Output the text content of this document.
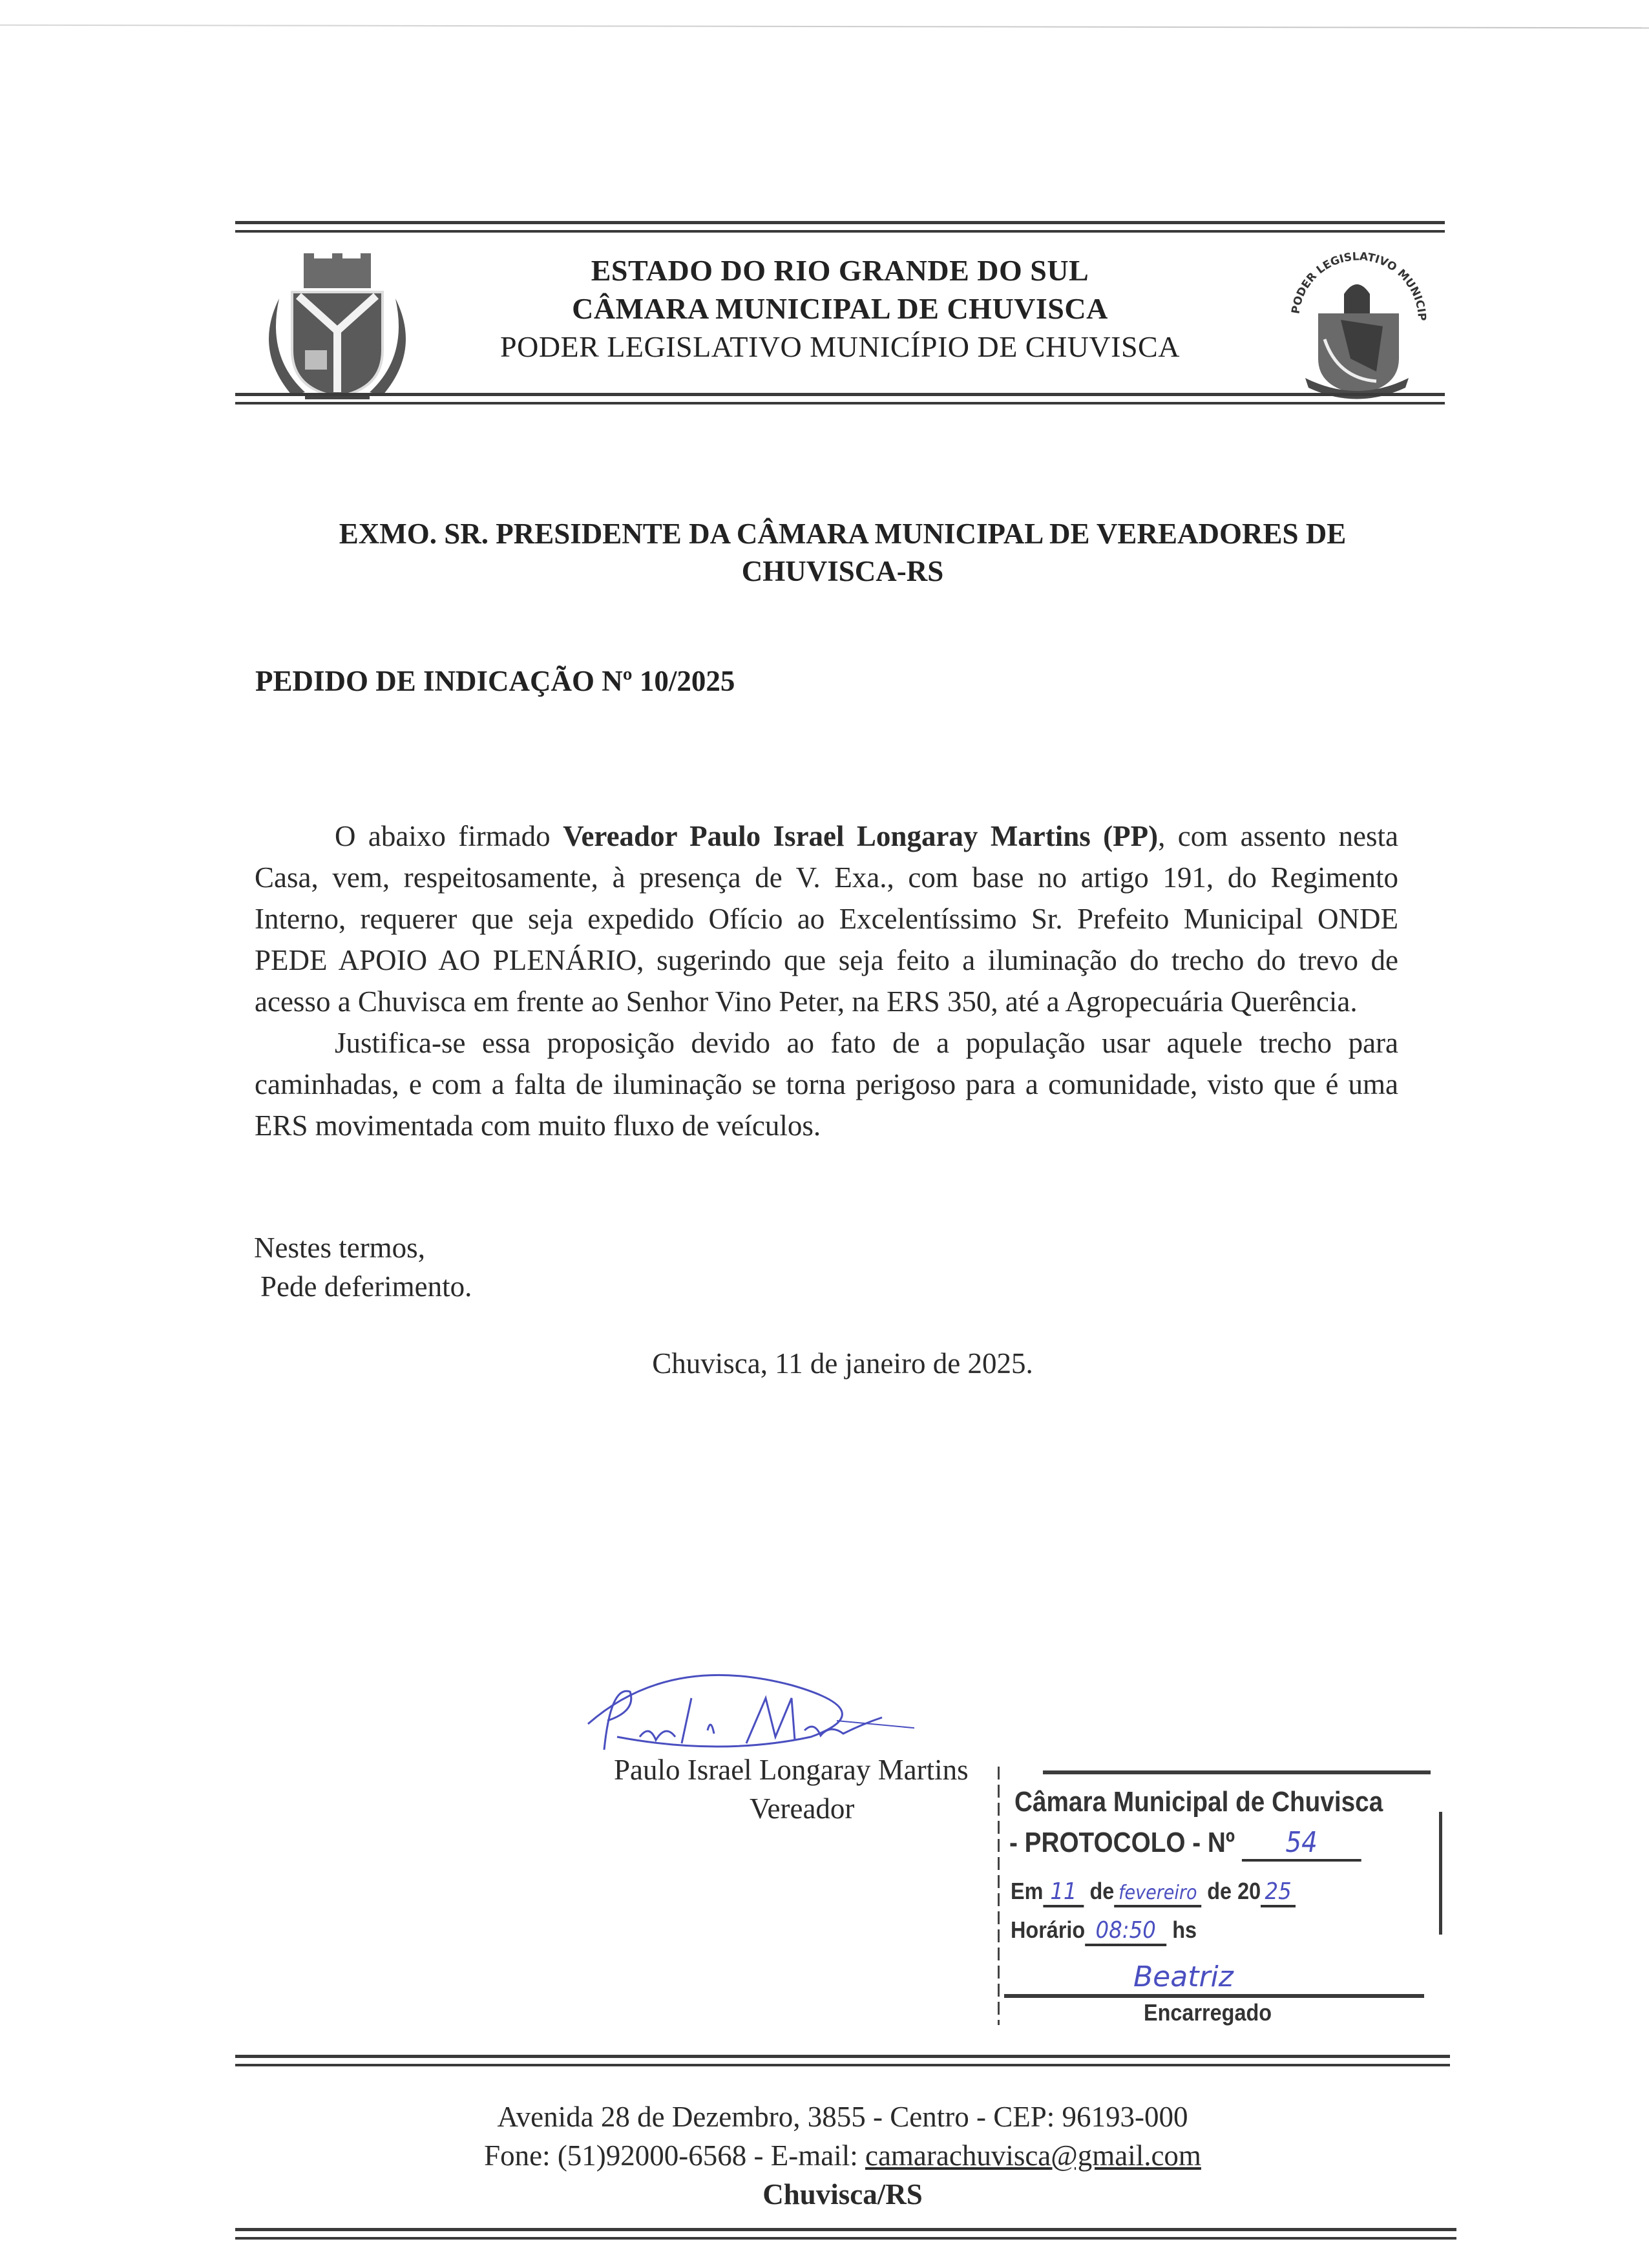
ESTADO DO RIO GRANDE DO SUL
CÂMARA MUNICIPAL DE CHUVISCA
PODER LEGISLATIVO MUNICÍPIO DE CHUVISCA
PODER LEGISLATIVO MUNICIP
EXMO. SR. PRESIDENTE DA CÂMARA MUNICIPAL DE VEREADORES DE
CHUVISCA-RS
PEDIDO DE INDICAÇÃO Nº 10/2025

O abaixo firmado Vereador Paulo Israel Longaray Martins (PP), com assento nesta Casa, vem, respeitosamente, à presença de V. Exa., com base no artigo 191, do Regimento Interno, requerer que seja expedido Ofício ao Excelentíssimo Sr. Prefeito Municipal ONDE PEDE APOIO AO PLENÁRIO, sugerindo que seja feito a iluminação do trecho do trevo de acesso a Chuvisca em frente ao Senhor Vino Peter, na ERS 350, até a Agropecuária Querência.

Justifica-se essa proposição devido ao fato de a população usar aquele trecho para caminhadas, e com a falta de iluminação se torna perigoso para a comunidade, visto que é uma ERS movimentada com muito fluxo de veículos.

Nestes termos,
Pede deferimento.
Chuvisca, 11 de janeiro de 2025.
Paulo Israel Longaray Martins
Vereador	Câmara Municipal de Chuvisca
- PROTOCOLO - Nº 54
Em 11 de fevereiro de 20 25
Horário 08:50 hs
Beatriz
Encarregado
Avenida 28 de Dezembro, 3855 - Centro - CEP: 96193-000
Fone: (51)92000-6568 - E-mail: camarachuvisca@gmail.com
Chuvisca/RS
